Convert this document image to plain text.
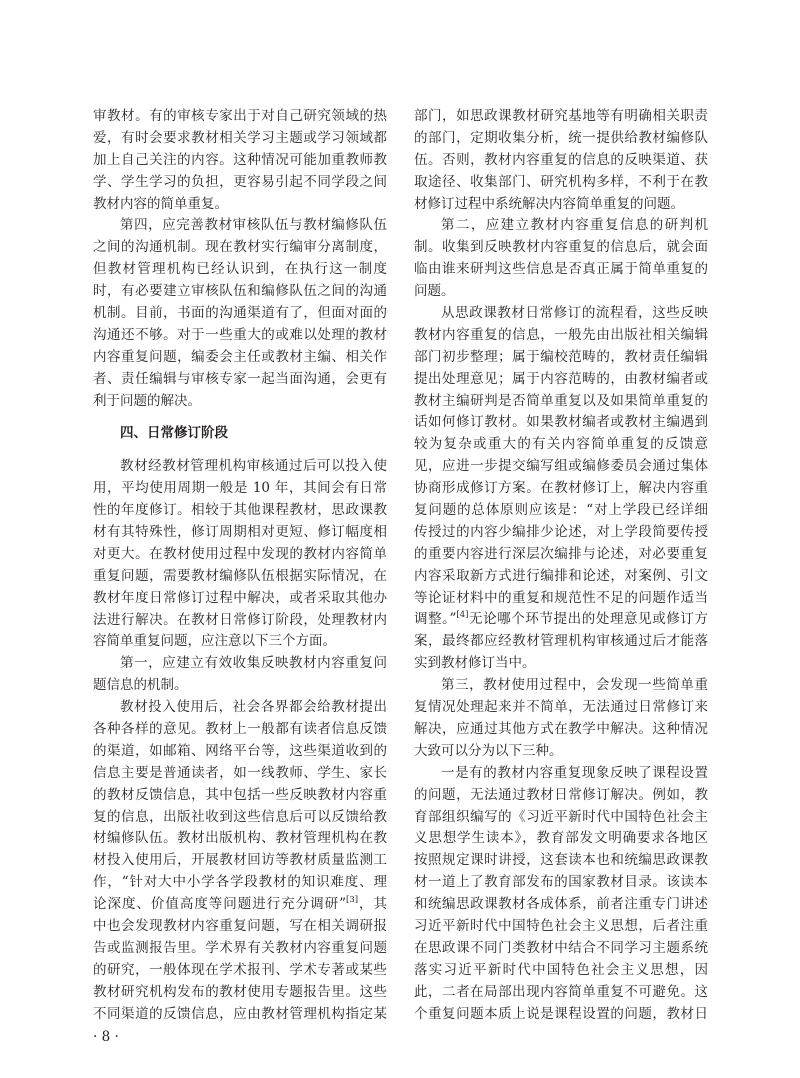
审教材。有的审核专家出于对自己研究领域的热
爱，有时会要求教材相关学习主题或学习领域都
加上自己关注的内容。这种情况可能加重教师教
学、学生学习的负担，更容易引起不同学段之间
教材内容的简单重复。
第四，应完善教材审核队伍与教材编修队伍
之间的沟通机制。现在教材实行编审分离制度，
但教材管理机构已经认识到，在执行这一制度
时，有必要建立审核队伍和编修队伍之间的沟通
机制。目前，书面的沟通渠道有了，但面对面的
沟通还不够。对于一些重大的或难以处理的教材
内容重复问题，编委会主任或教材主编、相关作
者、责任编辑与审核专家一起当面沟通，会更有
利于问题的解决。
四、日常修订阶段
教材经教材管理机构审核通过后可以投入使
用，平均使用周期一般是 10 年，其间会有日常
性的年度修订。相较于其他课程教材，思政课教
材有其特殊性，修订周期相对更短、修订幅度相
对更大。在教材使用过程中发现的教材内容简单
重复问题，需要教材编修队伍根据实际情况，在
教材年度日常修订过程中解决，或者采取其他办
法进行解决。在教材日常修订阶段，处理教材内
容简单重复问题，应注意以下三个方面。
第一，应建立有效收集反映教材内容重复问
题信息的机制。
教材投入使用后，社会各界都会给教材提出
各种各样的意见。教材上一般都有读者信息反馈
的渠道，如邮箱、网络平台等，这些渠道收到的
信息主要是普通读者，如一线教师、学生、家长
的教材反馈信息，其中包括一些反映教材内容重
复的信息，出版社收到这些信息后可以反馈给教
材编修队伍。教材出版机构、教材管理机构在教
材投入使用后，开展教材回访等教材质量监测工
作，“针对大中小学各学段教材的知识难度、理
论深度、价值高度等问题进行充分调研”[3]，其
中也会发现教材内容重复问题，写在相关调研报
告或监测报告里。学术界有关教材内容重复问题
的研究，一般体现在学术报刊、学术专著或某些
教材研究机构发布的教材使用专题报告里。这些
不同渠道的反馈信息，应由教材管理机构指定某
部门，如思政课教材研究基地等有明确相关职责
的部门，定期收集分析，统一提供给教材编修队
伍。否则，教材内容重复的信息的反映渠道、获
取途径、收集部门、研究机构多样，不利于在教
材修订过程中系统解决内容简单重复的问题。
第二，应建立教材内容重复信息的研判机
制。收集到反映教材内容重复的信息后，就会面
临由谁来研判这些信息是否真正属于简单重复的
问题。
从思政课教材日常修订的流程看，这些反映
教材内容重复的信息，一般先由出版社相关编辑
部门初步整理；属于编校范畴的，教材责任编辑
提出处理意见；属于内容范畴的，由教材编者或
教材主编研判是否简单重复以及如果简单重复的
话如何修订教材。如果教材编者或教材主编遇到
较为复杂或重大的有关内容简单重复的反馈意
见，应进一步提交编写组或编修委员会通过集体
协商形成修订方案。在教材修订上，解决内容重
复问题的总体原则应该是：“对上学段已经详细
传授过的内容少编排少论述，对上学段简要传授
的重要内容进行深层次编排与论述，对必要重复
内容采取新方式进行编排和论述，对案例、引文
等论证材料中的重复和规范性不足的问题作适当
调整。”[4]无论哪个环节提出的处理意见或修订方
案，最终都应经教材管理机构审核通过后才能落
实到教材修订当中。
第三，教材使用过程中，会发现一些简单重
复情况处理起来并不简单，无法通过日常修订来
解决，应通过其他方式在教学中解决。这种情况
大致可以分为以下三种。
一是有的教材内容重复现象反映了课程设置
的问题，无法通过教材日常修订解决。例如，教
育部组织编写的《习近平新时代中国特色社会主
义思想学生读本》，教育部发文明确要求各地区
按照规定课时讲授，这套读本也和统编思政课教
材一道上了教育部发布的国家教材目录。该读本
和统编思政课教材各成体系，前者注重专门讲述
习近平新时代中国特色社会主义思想，后者注重
在思政课不同门类教材中结合不同学习主题系统
落实习近平新时代中国特色社会主义思想，因
此，二者在局部出现内容简单重复不可避免。这
个重复问题本质上说是课程设置的问题，教材日
· 8 ·
